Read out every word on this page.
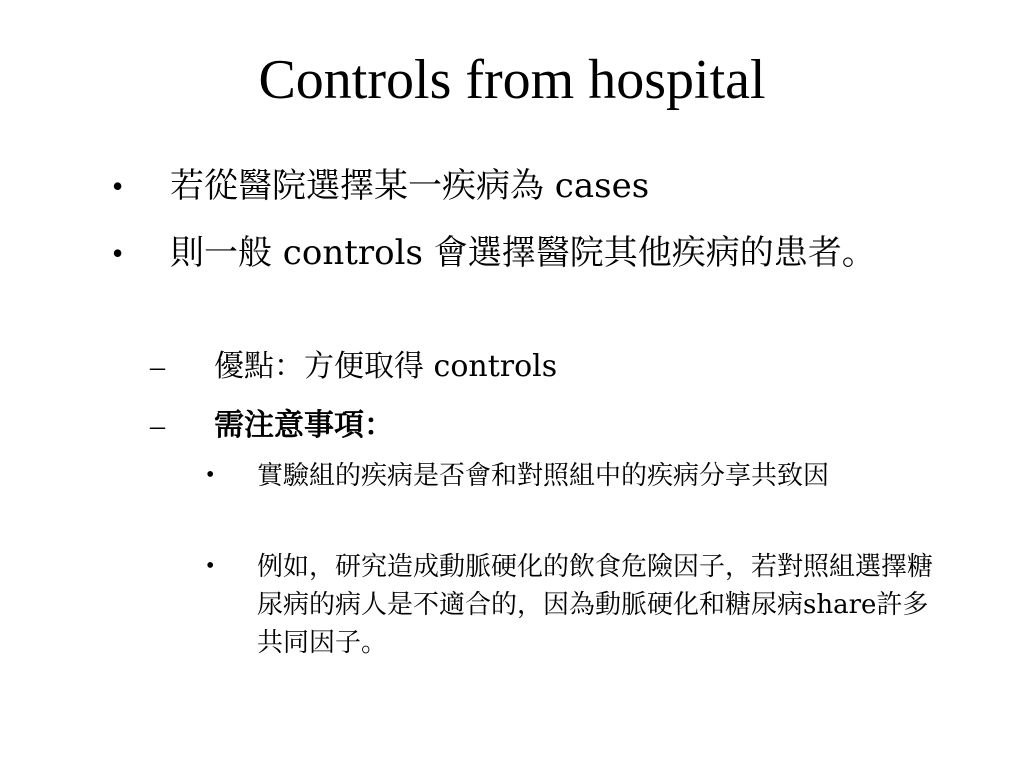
Controls from hospital
• 若從醫院選擇某一疾病為 cases
• 則一般 controls 會選擇醫院其他疾病的患者。
– 優點：方便取得 controls
– 需注意事項：
• 實驗組的疾病是否會和對照組中的疾病分享共致因
• 例如，研究造成動脈硬化的飲食危險因子，若對照組選擇糖尿病的病人是不適合的，因為動脈硬化和糖尿病share許多共同因子。
